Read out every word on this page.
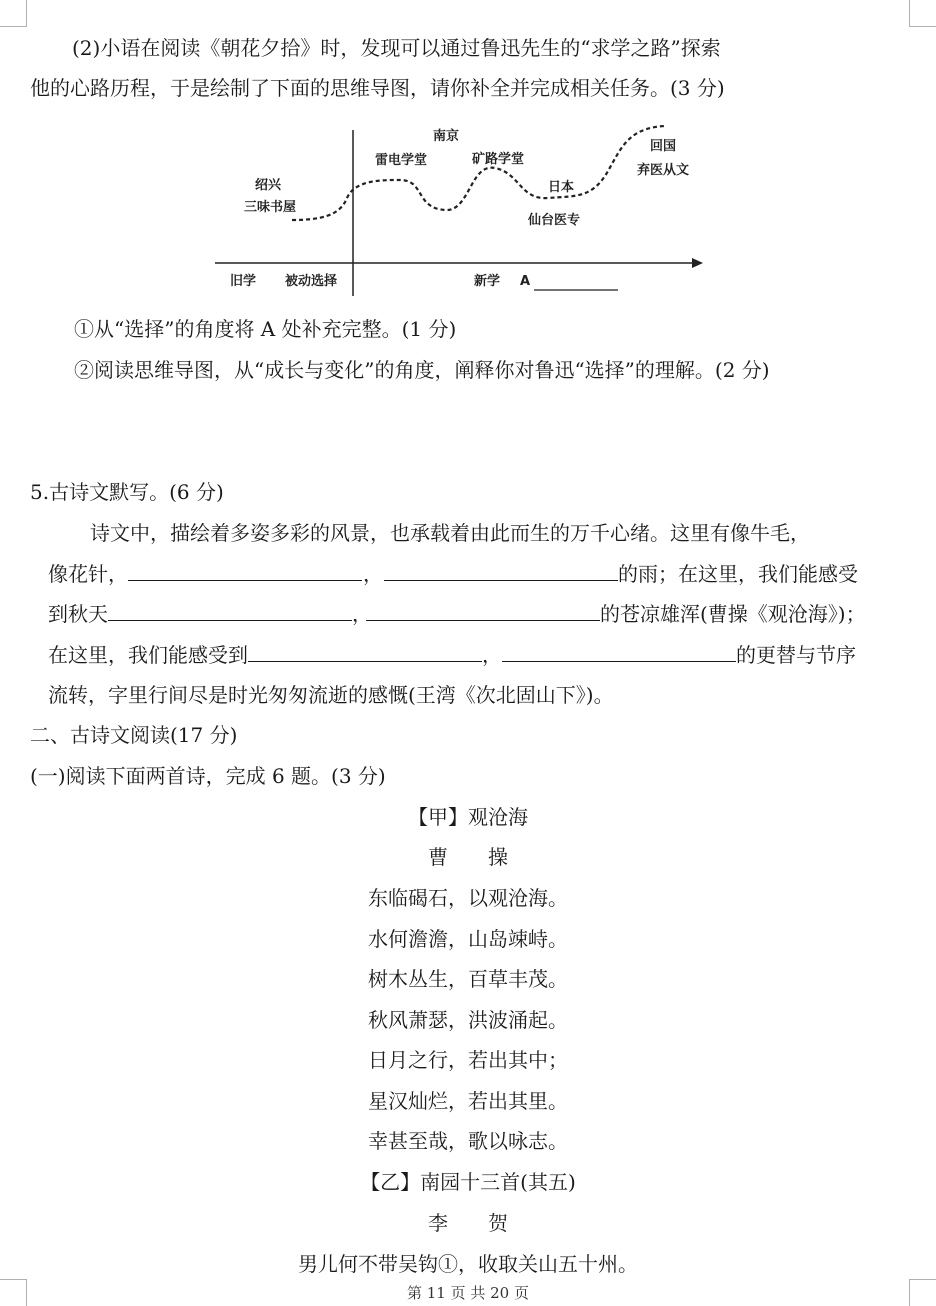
(2)小语在阅读《朝花夕拾》时，发现可以通过鲁迅先生的“求学之路”探索
他的心路历程，于是绘制了下面的思维导图，请你补全并完成相关任务。(3 分)
绍兴
三味书屋
南京
雷电学堂	矿路学堂
日本
仙台医专
回国
弃医从文
旧学 被动选择	新学 A
①从“选择”的角度将 A 处补充完整。(1 分)
②阅读思维导图，从“成长与变化”的角度，阐释你对鲁迅“选择”的理解。(2 分)
5.古诗文默写。(6 分)
诗文中，描绘着多姿多彩的风景，也承载着由此而生的万千心绪。这里有像牛毛，
像花针，	，	的雨；在这里，我们能感受
到秋天	，	的苍凉雄浑(曹操《观沧海》)；
在这里，我们能感受到	，	的更替与节序
流转，字里行间尽是时光匆匆流逝的感慨(王湾《次北固山下》)。
二、古诗文阅读(17 分)
(一)阅读下面两首诗，完成 6 题。(3 分)
【甲】观沧海
曹 操
东临碣石，以观沧海。
水何澹澹，山岛竦峙。
树木丛生，百草丰茂。
秋风萧瑟，洪波涌起。
日月之行，若出其中；
星汉灿烂，若出其里。
幸甚至哉，歌以咏志。
【乙】南园十三首(其五)
李 贺
男儿何不带吴钩①，收取关山五十州。
第 11 页 共 20 页
